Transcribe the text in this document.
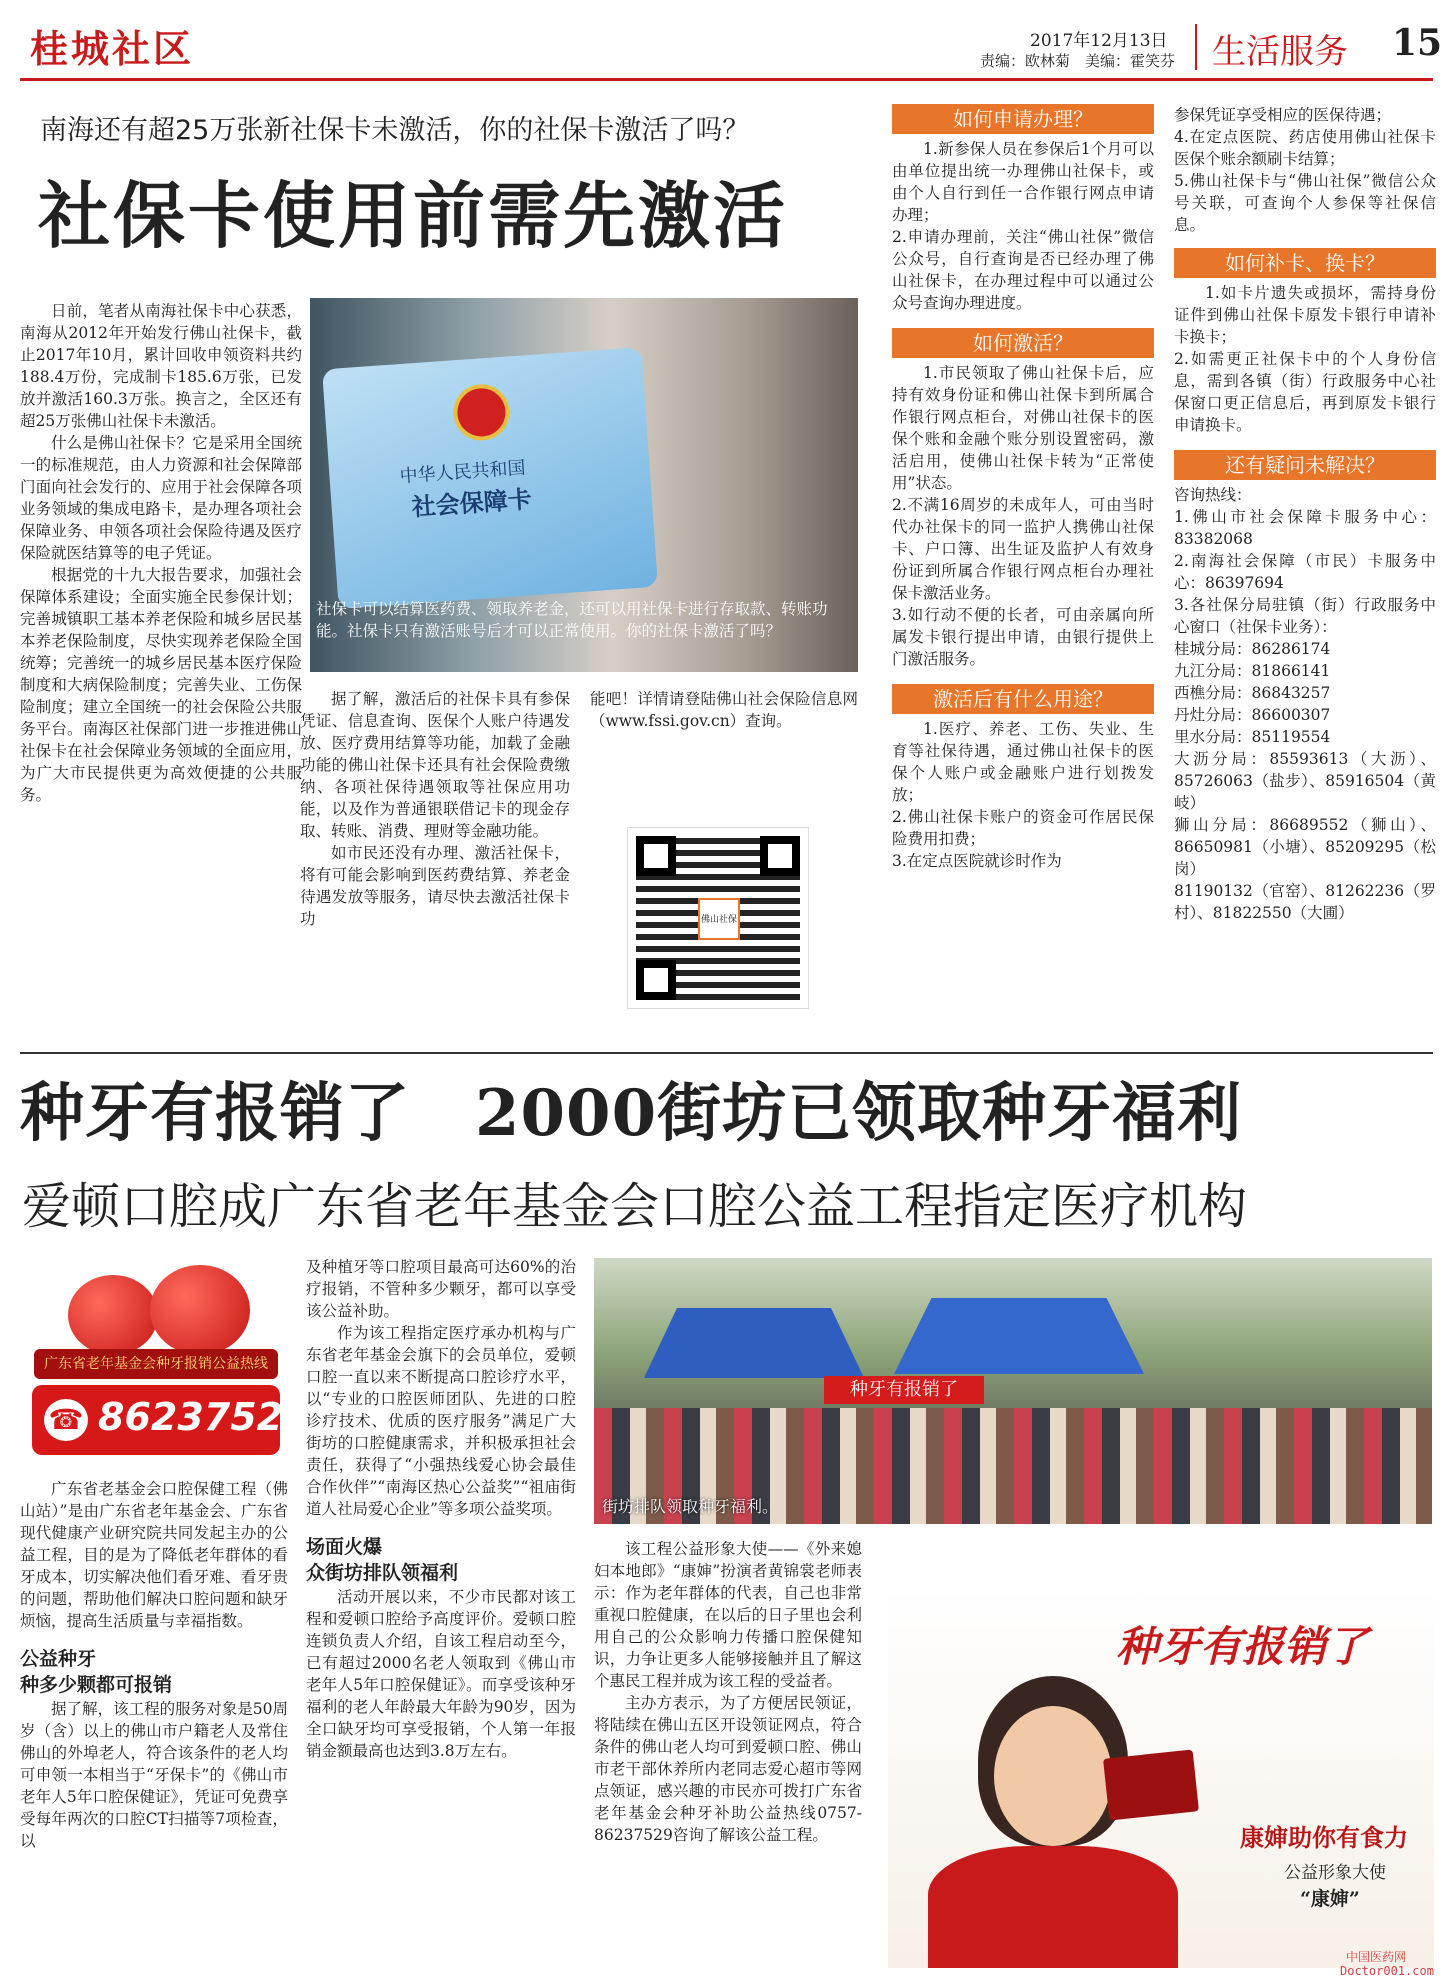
桂城社区	2017年12月13日
责编：欧林菊　美编：霍笑芬 生活服务 15
南海还有超25万张新社保卡未激活，你的社保卡激活了吗？
社保卡使用前需先激活

日前，笔者从南海社保卡中心获悉，南海从2012年开始发行佛山社保卡，截止2017年10月，累计回收申领资料共约188.4万份，完成制卡185.6万张，已发放并激活160.3万张。换言之，全区还有超25万张佛山社保卡未激活。

什么是佛山社保卡？它是采用全国统一的标准规范，由人力资源和社会保障部门面向社会发行的、应用于社会保障各项业务领域的集成电路卡，是办理各项社会保障业务、申领各项社会保险待遇及医疗保险就医结算等的电子凭证。

根据党的十九大报告要求，加强社会保障体系建设；全面实施全民参保计划；完善城镇职工基本养老保险和城乡居民基本养老保险制度，尽快实现养老保险全国统筹；完善统一的城乡居民基本医疗保险制度和大病保险制度；完善失业、工伤保险制度；建立全国统一的社会保险公共服务平台。南海区社保部门进一步推进佛山社保卡在社会保障业务领域的全面应用，为广大市民提供更为高效便捷的公共服务。

中华人民共和国
社会保障卡
社保卡可以结算医药费、领取养老金，还可以用社保卡进行存取款、转账功能。社保卡只有激活账号后才可以正常使用。你的社保卡激活了吗？

据了解，激活后的社保卡具有参保凭证、信息查询、医保个人账户待遇发放、医疗费用结算等功能，加载了金融功能的佛山社保卡还具有社会保险费缴纳、各项社保待遇领取等社保应用功能，以及作为普通银联借记卡的现金存取、转账、消费、理财等金融功能。

如市民还没有办理、激活社保卡，将有可能会影响到医药费结算、养老金待遇发放等服务，请尽快去激活社保卡功

能吧！详情请登陆佛山社会保险信息网（www.fssi.gov.cn）查询。

佛山社保
如何申请办理？

1.新参保人员在参保后1个月可以由单位提出统一办理佛山社保卡，或由个人自行到任一合作银行网点申请办理；
2.申请办理前，关注“佛山社保”微信公众号，自行查询是否已经办理了佛山社保卡，在办理过程中可以通过公众号查询办理进度。

如何激活？

1.市民领取了佛山社保卡后，应持有效身份证和佛山社保卡到所属合作银行网点柜台，对佛山社保卡的医保个账和金融个账分别设置密码，激活启用，使佛山社保卡转为“正常使用”状态。
2.不满16周岁的未成年人，可由当时代办社保卡的同一监护人携佛山社保卡、户口簿、出生证及监护人有效身份证到所属合作银行网点柜台办理社保卡激活业务。
3.如行动不便的长者，可由亲属向所属发卡银行提出申请，由银行提供上门激活服务。

激活后有什么用途？

1.医疗、养老、工伤、失业、生育等社保待遇，通过佛山社保卡的医保个人账户或金融账户进行划拨发放；
2.佛山社保卡账户的资金可作居民保险费用扣费；
3.在定点医院就诊时作为

参保凭证享受相应的医保待遇；
4.在定点医院、药店使用佛山社保卡医保个账余额刷卡结算；
5.佛山社保卡与“佛山社保”微信公众号关联，可查询个人参保等社保信息。

如何补卡、换卡？

1.如卡片遗失或损坏，需持身份证件到佛山社保卡原发卡银行申请补卡换卡；
2.如需更正社保卡中的个人身份信息，需到各镇（街）行政服务中心社保窗口更正信息后，再到原发卡银行申请换卡。

还有疑问未解决？

咨询热线：
1.佛山市社会保障卡服务中心：83382068
2.南海社会保障（市民）卡服务中心：86397694
3.各社保分局驻镇（街）行政服务中心窗口（社保卡业务）：
桂城分局：86286174
九江分局：81866141
西樵分局：86843257
丹灶分局：86600307
里水分局：85119554
大沥分局：85593613（大沥）、85726063（盐步）、85916504（黄岐）
狮山分局：86689552（狮山）、86650981（小塘）、85209295（松岗）
81190132（官窑）、81262236（罗村）、81822550（大圃）

种牙有报销了　2000街坊已领取种牙福利
爱顿口腔成广东省老年基金会口腔公益工程指定医疗机构
广东省老年基金会种牙报销公益热线
☎ 86237529

广东省老基金会口腔保健工程（佛山站）”是由广东省老年基金会、广东省现代健康产业研究院共同发起主办的公益工程，目的是为了降低老年群体的看牙成本，切实解决他们看牙难、看牙贵的问题，帮助他们解决口腔问题和缺牙烦恼，提高生活质量与幸福指数。

公益种牙
种多少颗都可报销

据了解，该工程的服务对象是50周岁（含）以上的佛山市户籍老人及常住佛山的外埠老人，符合该条件的老人均可申领一本相当于“牙保卡”的《佛山市老年人5年口腔保健证》，凭证可免费享受每年两次的口腔CT扫描等7项检查，以

及种植牙等口腔项目最高可达60%的治疗报销，不管种多少颗牙，都可以享受该公益补助。

作为该工程指定医疗承办机构与广东省老年基金会旗下的会员单位，爱顿口腔一直以来不断提高口腔诊疗水平，以“专业的口腔医师团队、先进的口腔诊疗技术、优质的医疗服务”满足广大街坊的口腔健康需求，并积极承担社会责任，获得了“小强热线爱心协会最佳合作伙伴”“南海区热心公益奖”“祖庙街道人社局爱心企业”等多项公益奖项。

场面火爆
众街坊排队领福利

活动开展以来，不少市民都对该工程和爱顿口腔给予高度评价。爱顿口腔连锁负责人介绍，自该工程启动至今，已有超过2000名老人领取到《佛山市老年人5年口腔保健证》。而享受该种牙福利的老人年龄最大年龄为90岁，因为全口缺牙均可享受报销，个人第一年报销金额最高也达到3.8万左右。

种牙有报销了
街坊排队领取种牙福利。

该工程公益形象大使——《外来媳妇本地郎》“康婶”扮演者黄锦裳老师表示：作为老年群体的代表，自己也非常重视口腔健康，在以后的日子里也会利用自己的公众影响力传播口腔保健知识，力争让更多人能够接触并且了解这个惠民工程并成为该工程的受益者。

主办方表示，为了方便居民领证，将陆续在佛山五区开设领证网点，符合条件的佛山老人均可到爱顿口腔、佛山市老干部休养所内老同志爱心超市等网点领证，感兴趣的市民亦可拨打广东省老年基金会种牙补助公益热线0757-86237529咨询了解该公益工程。

种牙有报销了
康婶助你有食力
公益形象大使
“康婶”
中国医药网
Doctor001.com
